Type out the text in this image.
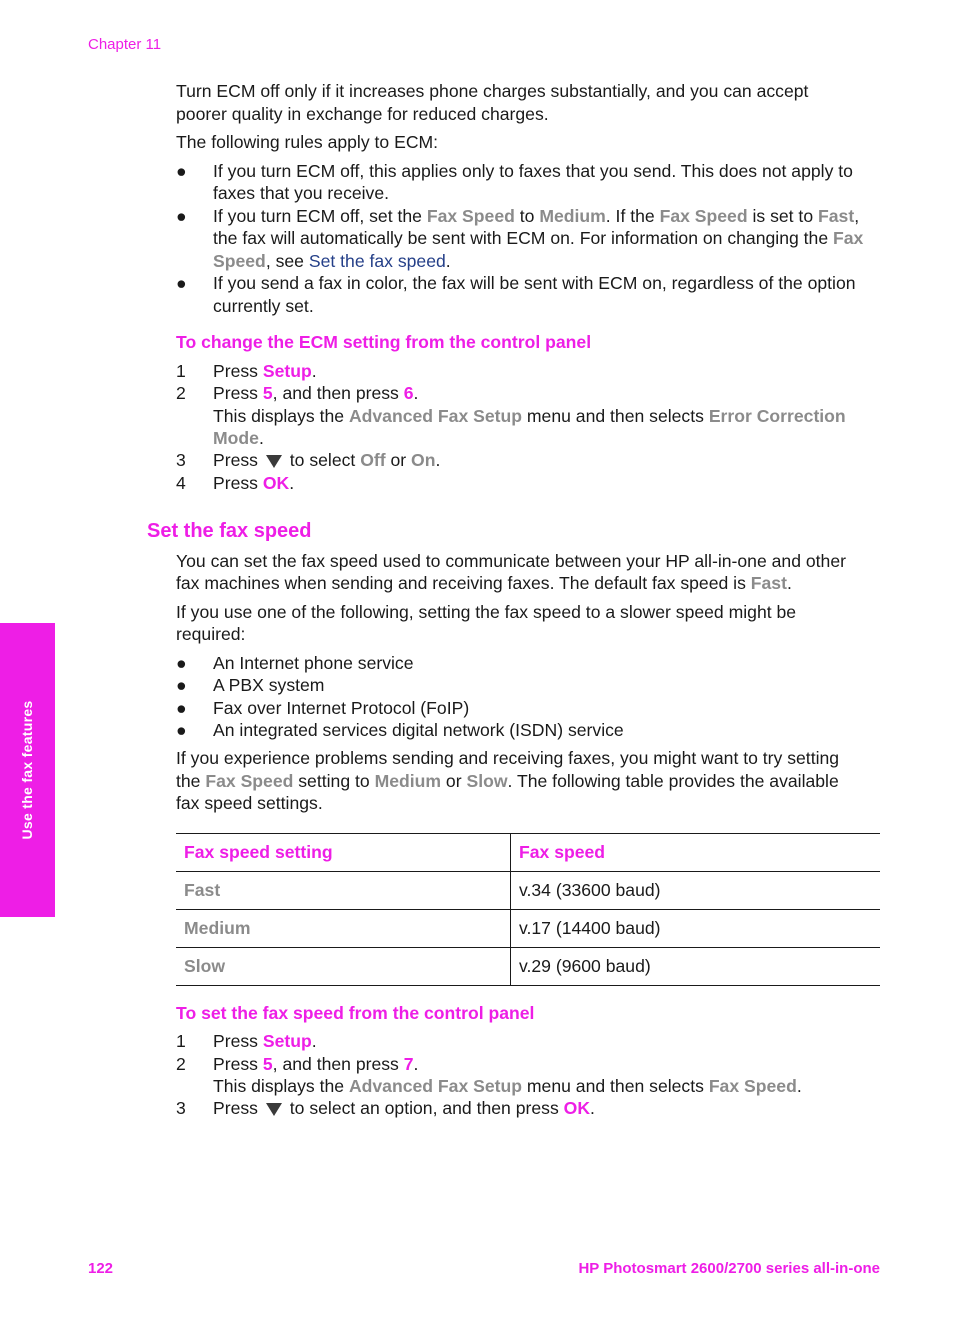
Chapter 11
Use the fax features
Turn ECM off only if it increases phone charges substantially, and you can accept
poorer quality in exchange for reduced charges.
The following rules apply to ECM:
● If you turn ECM off, this applies only to faxes that you send. This does not apply to
faxes that you receive.
● If you turn ECM off, set the Fax Speed to Medium. If the Fax Speed is set to Fast,
the fax will automatically be sent with ECM on. For information on changing the Fax
Speed, see Set the fax speed.
● If you send a fax in color, the fax will be sent with ECM on, regardless of the option
currently set.
To change the ECM setting from the control panel
1 Press Setup.
2 Press 5, and then press 6.
This displays the Advanced Fax Setup menu and then selects Error Correction
Mode.
3 Press  to select Off or On.
4 Press OK.
Set the fax speed
You can set the fax speed used to communicate between your HP all-in-one and other
fax machines when sending and receiving faxes. The default fax speed is Fast.
If you use one of the following, setting the fax speed to a slower speed might be
required:
● An Internet phone service
● A PBX system
● Fax over Internet Protocol (FoIP)
● An integrated services digital network (ISDN) service
If you experience problems sending and receiving faxes, you might want to try setting
the Fax Speed setting to Medium or Slow. The following table provides the available
fax speed settings.
Fax speed setting	Fax speed
Fast	v.34 (33600 baud)
Medium	v.17 (14400 baud)
Slow	v.29 (9600 baud)
To set the fax speed from the control panel
1 Press Setup.
2 Press 5, and then press 7.
This displays the Advanced Fax Setup menu and then selects Fax Speed.
3 Press  to select an option, and then press OK.
122	HP Photosmart 2600/2700 series all-in-one
